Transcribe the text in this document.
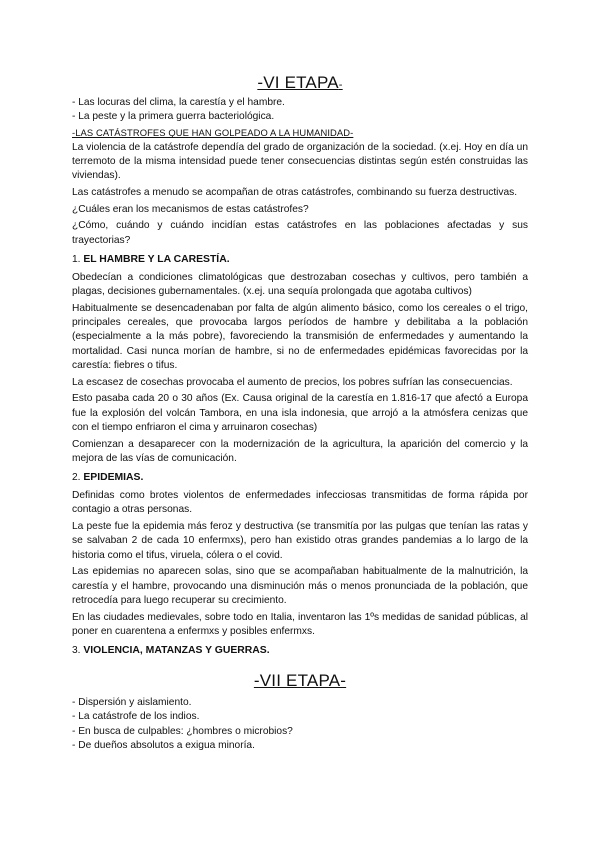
-VI ETAPA-

- Las locuras del clima, la carestía y el hambre.

- La peste y la primera guerra bacteriológica.

-LAS CATÁSTROFES QUE HAN GOLPEADO A LA HUMANIDAD-

La violencia de la catástrofe dependía del grado de organización de la sociedad. (x.ej. Hoy en día un terremoto de la misma intensidad puede tener consecuencias distintas según estén construidas las viviendas).

Las catástrofes a menudo se acompañan de otras catástrofes, combinando su fuerza destructivas.

¿Cuáles eran los mecanismos de estas catástrofes?

¿Cómo, cuándo y cuándo incidían estas catástrofes en las poblaciones afectadas y sus trayectorias?

1. EL HAMBRE Y LA CARESTÍA.

Obedecían a condiciones climatológicas que destrozaban cosechas y cultivos, pero también a plagas, decisiones gubernamentales. (x.ej. una sequía prolongada que agotaba cultivos)

Habitualmente se desencadenaban por falta de algún alimento básico, como los cereales o el trigo, principales cereales, que provocaba largos períodos de hambre y debilitaba a la población (especialmente a la más pobre), favoreciendo la transmisión de enfermedades y aumentando la mortalidad. Casi nunca morían de hambre, si no de enfermedades epidémicas favorecidas por la carestía: fiebres o tifus.

La escasez de cosechas provocaba el aumento de precios, los pobres sufrían las consecuencias.

Esto pasaba cada 20 o 30 años (Ex. Causa original de la carestía en 1.816-17 que afectó a Europa fue la explosión del volcán Tambora, en una isla indonesia, que arrojó a la atmósfera cenizas que con el tiempo enfriaron el cima y arruinaron cosechas)

Comienzan a desaparecer con la modernización de la agricultura, la aparición del comercio y la mejora de las vías de comunicación.

2. EPIDEMIAS.

Definidas como brotes violentos de enfermedades infecciosas transmitidas de forma rápida por contagio a otras personas.

La peste fue la epidemia más feroz y destructiva (se transmitía por las pulgas que tenían las ratas y se salvaban 2 de cada 10 enfermxs), pero han existido otras grandes pandemias a lo largo de la historia como el tifus, viruela, cólera o el covid.

Las epidemias no aparecen solas, sino que se acompañaban habitualmente de la malnutrición, la carestía y el hambre, provocando una disminución más o menos pronunciada de la población, que retrocedía para luego recuperar su crecimiento.

En las ciudades medievales, sobre todo en Italia, inventaron las 1ºs medidas de sanidad públicas, al poner en cuarentena a enfermxs y posibles enfermxs.

3. VIOLENCIA, MATANZAS Y GUERRAS.

-VII ETAPA-

- Dispersión y aislamiento.

- La catástrofe de los indios.

- En busca de culpables: ¿hombres o microbios?

- De dueños absolutos a exigua minoría.
